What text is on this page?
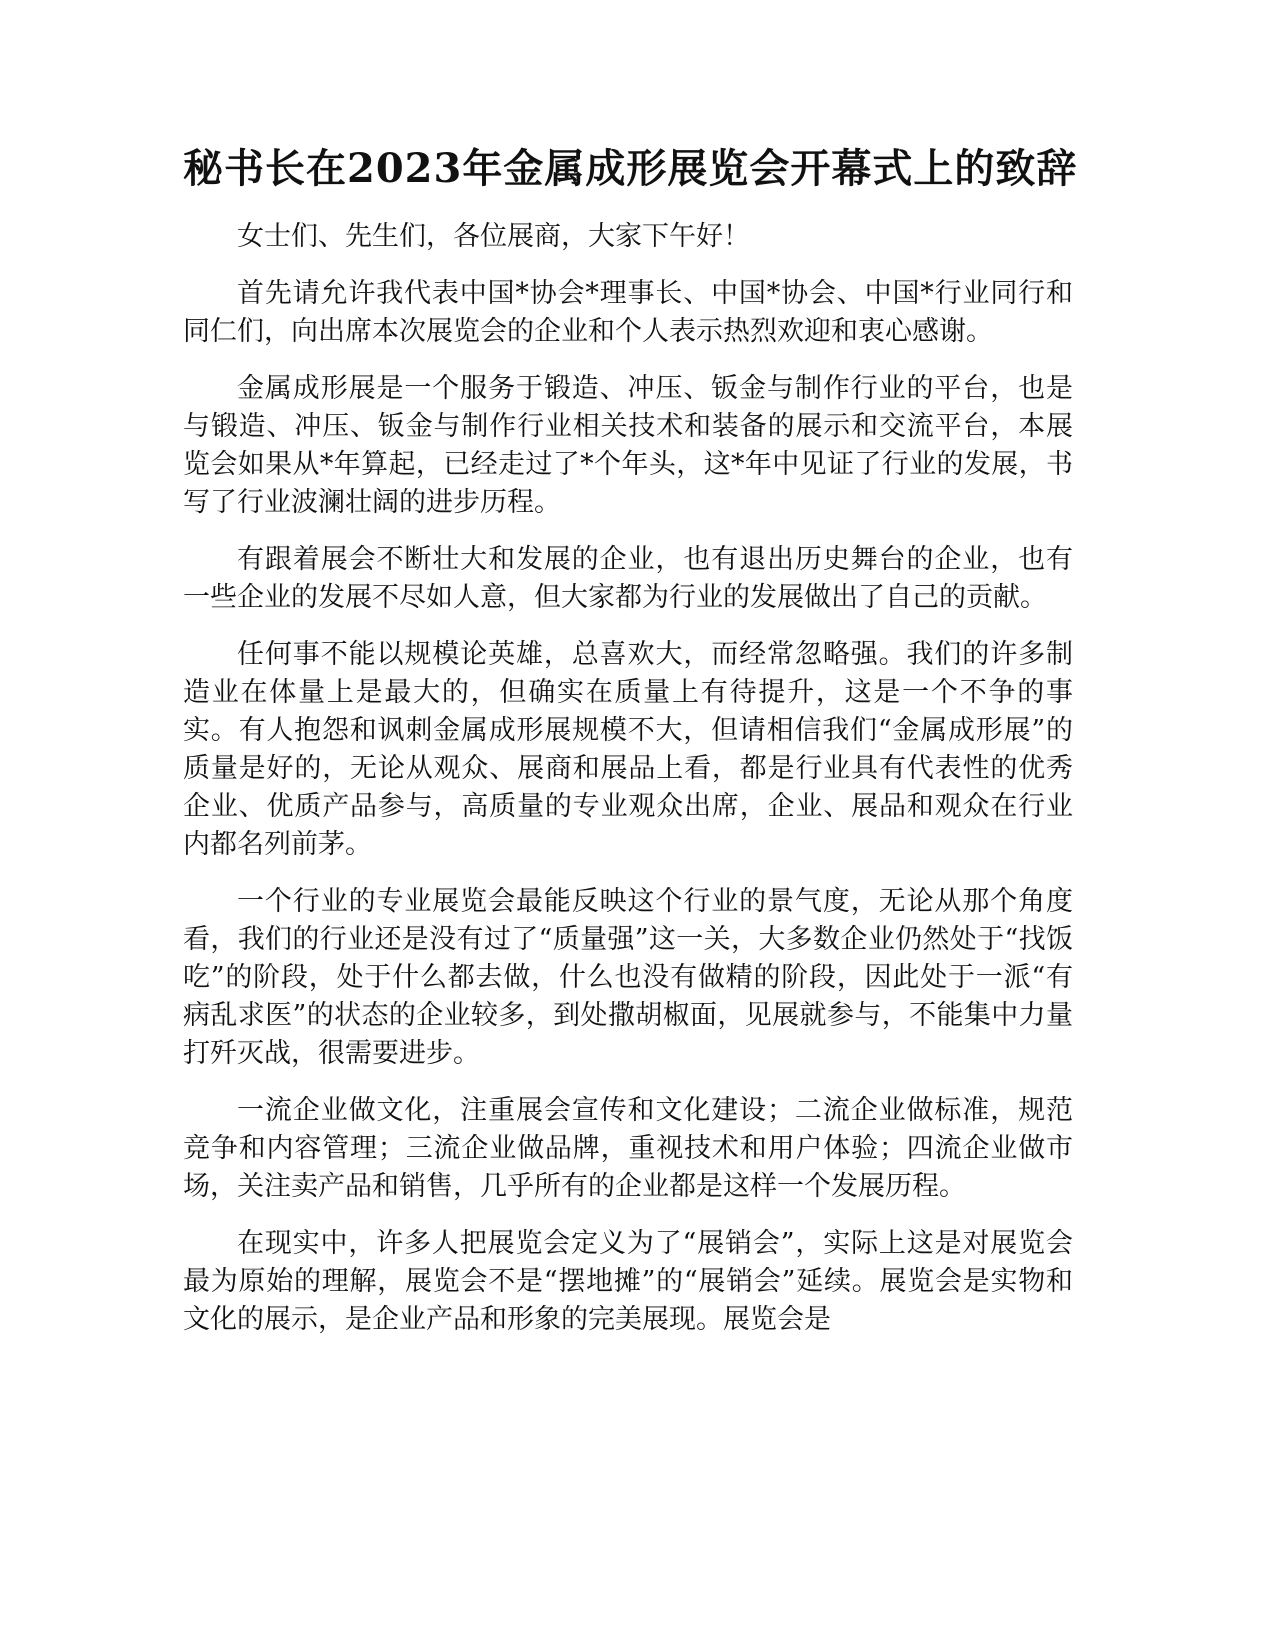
秘书长在2023年金属成形展览会开幕式上的致辞

女士们、先生们，各位展商，大家下午好！

首先请允许我代表中国*协会*理事长、中国*协会、中国*行业同行和同仁们，向出席本次展览会的企业和个人表示热烈欢迎和衷心感谢。

金属成形展是一个服务于锻造、冲压、钣金与制作行业的平台，也是与锻造、冲压、钣金与制作行业相关技术和装备的展示和交流平台，本展览会如果从*年算起，已经走过了*个年头，这*年中见证了行业的发展，书写了行业波澜壮阔的进步历程。

有跟着展会不断壮大和发展的企业，也有退出历史舞台的企业，也有一些企业的发展不尽如人意，但大家都为行业的发展做出了自己的贡献。

任何事不能以规模论英雄，总喜欢大，而经常忽略强。我们的许多制造业在体量上是最大的，但确实在质量上有待提升，这是一个不争的事实。有人抱怨和讽刺金属成形展规模不大，但请相信我们“金属成形展”的质量是好的，无论从观众、展商和展品上看，都是行业具有代表性的优秀企业、优质产品参与，高质量的专业观众出席，企业、展品和观众在行业内都名列前茅。

一个行业的专业展览会最能反映这个行业的景气度，无论从那个角度看，我们的行业还是没有过了“质量强”这一关，大多数企业仍然处于“找饭吃”的阶段，处于什么都去做，什么也没有做精的阶段，因此处于一派“有病乱求医”的状态的企业较多，到处撒胡椒面，见展就参与，不能集中力量打歼灭战，很需要进步。

一流企业做文化，注重展会宣传和文化建设；二流企业做标准，规范竞争和内容管理；三流企业做品牌，重视技术和用户体验；四流企业做市场，关注卖产品和销售，几乎所有的企业都是这样一个发展历程。

在现实中，许多人把展览会定义为了“展销会”，实际上这是对展览会最为原始的理解，展览会不是“摆地摊”的“展销会”延续。展览会是实物和文化的展示，是企业产品和形象的完美展现。展览会是
